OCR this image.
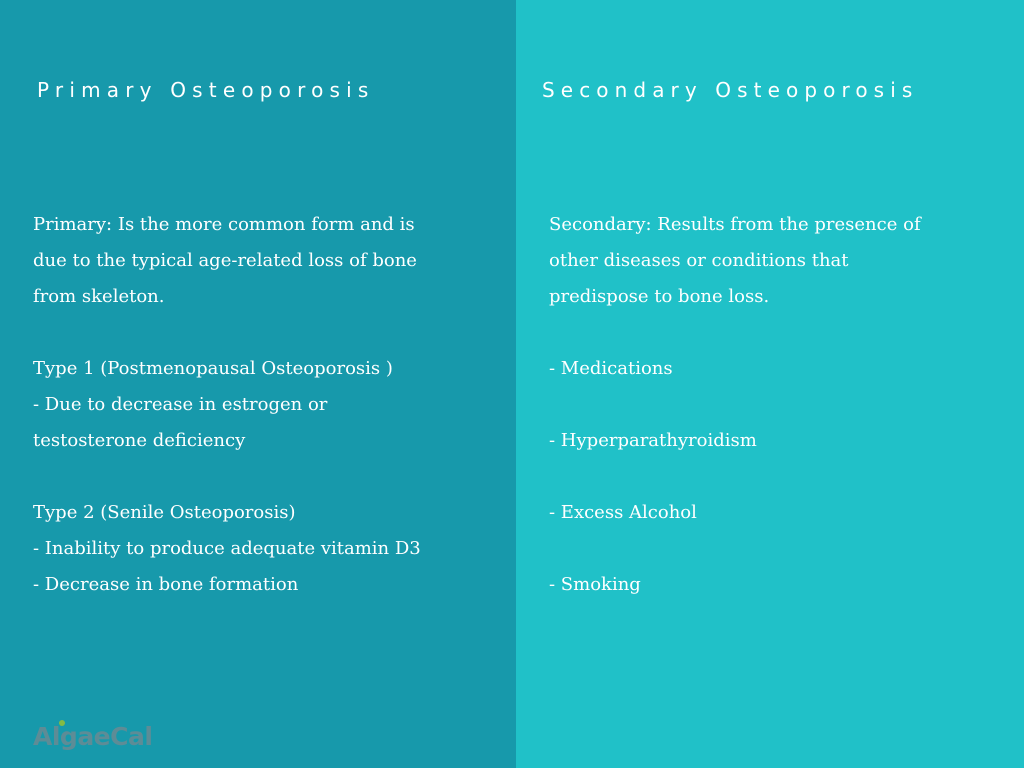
Primary Osteoporosis
Primary: Is the more common form and is
due to the typical age-related loss of bone
from skeleton.
Type 1 (Postmenopausal Osteoporosis )
- Due to decrease in estrogen or
testosterone deficiency
Type 2 (Senile Osteoporosis)
- Inability to produce adequate vitamin D3
- Decrease in bone formation
AlgaeCal
Secondary Osteoporosis
Secondary: Results from the presence of
other diseases or conditions that
predispose to bone loss.
- Medications
- Hyperparathyroidism
- Excess Alcohol
- Smoking
